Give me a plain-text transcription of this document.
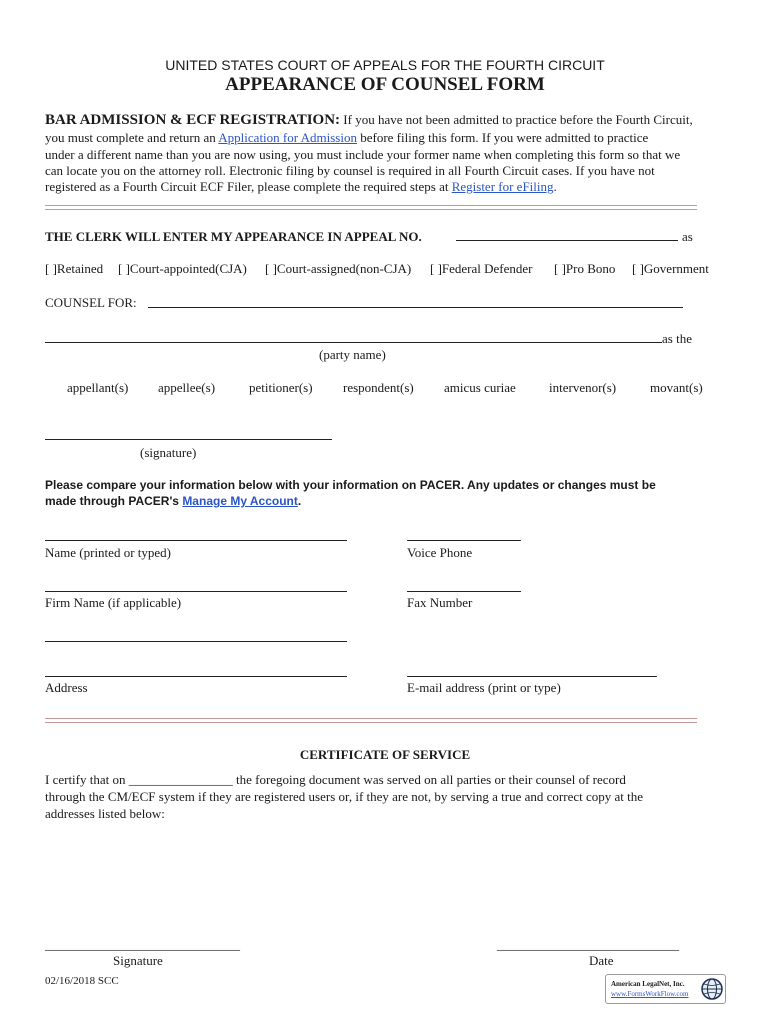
UNITED STATES COURT OF APPEALS FOR THE FOURTH CIRCUIT
APPEARANCE OF COUNSEL FORM
BAR ADMISSION & ECF REGISTRATION: If you have not been admitted to practice before the Fourth Circuit,
you must complete and return an Application for Admission before filing this form. If you were admitted to practice
under a different name than you are now using, you must include your former name when completing this form so that we
can locate you on the attorney roll. Electronic filing by counsel is required in all Fourth Circuit cases. If you have not
registered as a Fourth Circuit ECF Filer, please complete the required steps at Register for eFiling.
THE CLERK WILL ENTER MY APPEARANCE IN APPEAL NO.	as
[ ]Retained [ ]Court-appointed(CJA) [ ]Court-assigned(non-CJA) [ ]Federal Defender [ ]Pro Bono [ ]Government
COUNSEL FOR:
as the
(party name)
appellant(s) appellee(s)	petitioner(s) respondent(s) amicus curiae	intervenor(s)	movant(s)
(signature)
Please compare your information below with your information on PACER. Any updates or changes must be
made through PACER's Manage My Account.
Name (printed or typed)	Voice Phone
Firm Name (if applicable)	Fax Number
Address	E-mail address (print or type)
CERTIFICATE OF SERVICE
I certify that on ________________ the foregoing document was served on all parties or their counsel of record
through the CM/ECF system if they are registered users or, if they are not, by serving a true and correct copy at the
addresses listed below:
______________________________	____________________________
Signature	Date
02/16/2018 SCC	American LegalNet, Inc.
www.FormsWorkFlow.com
